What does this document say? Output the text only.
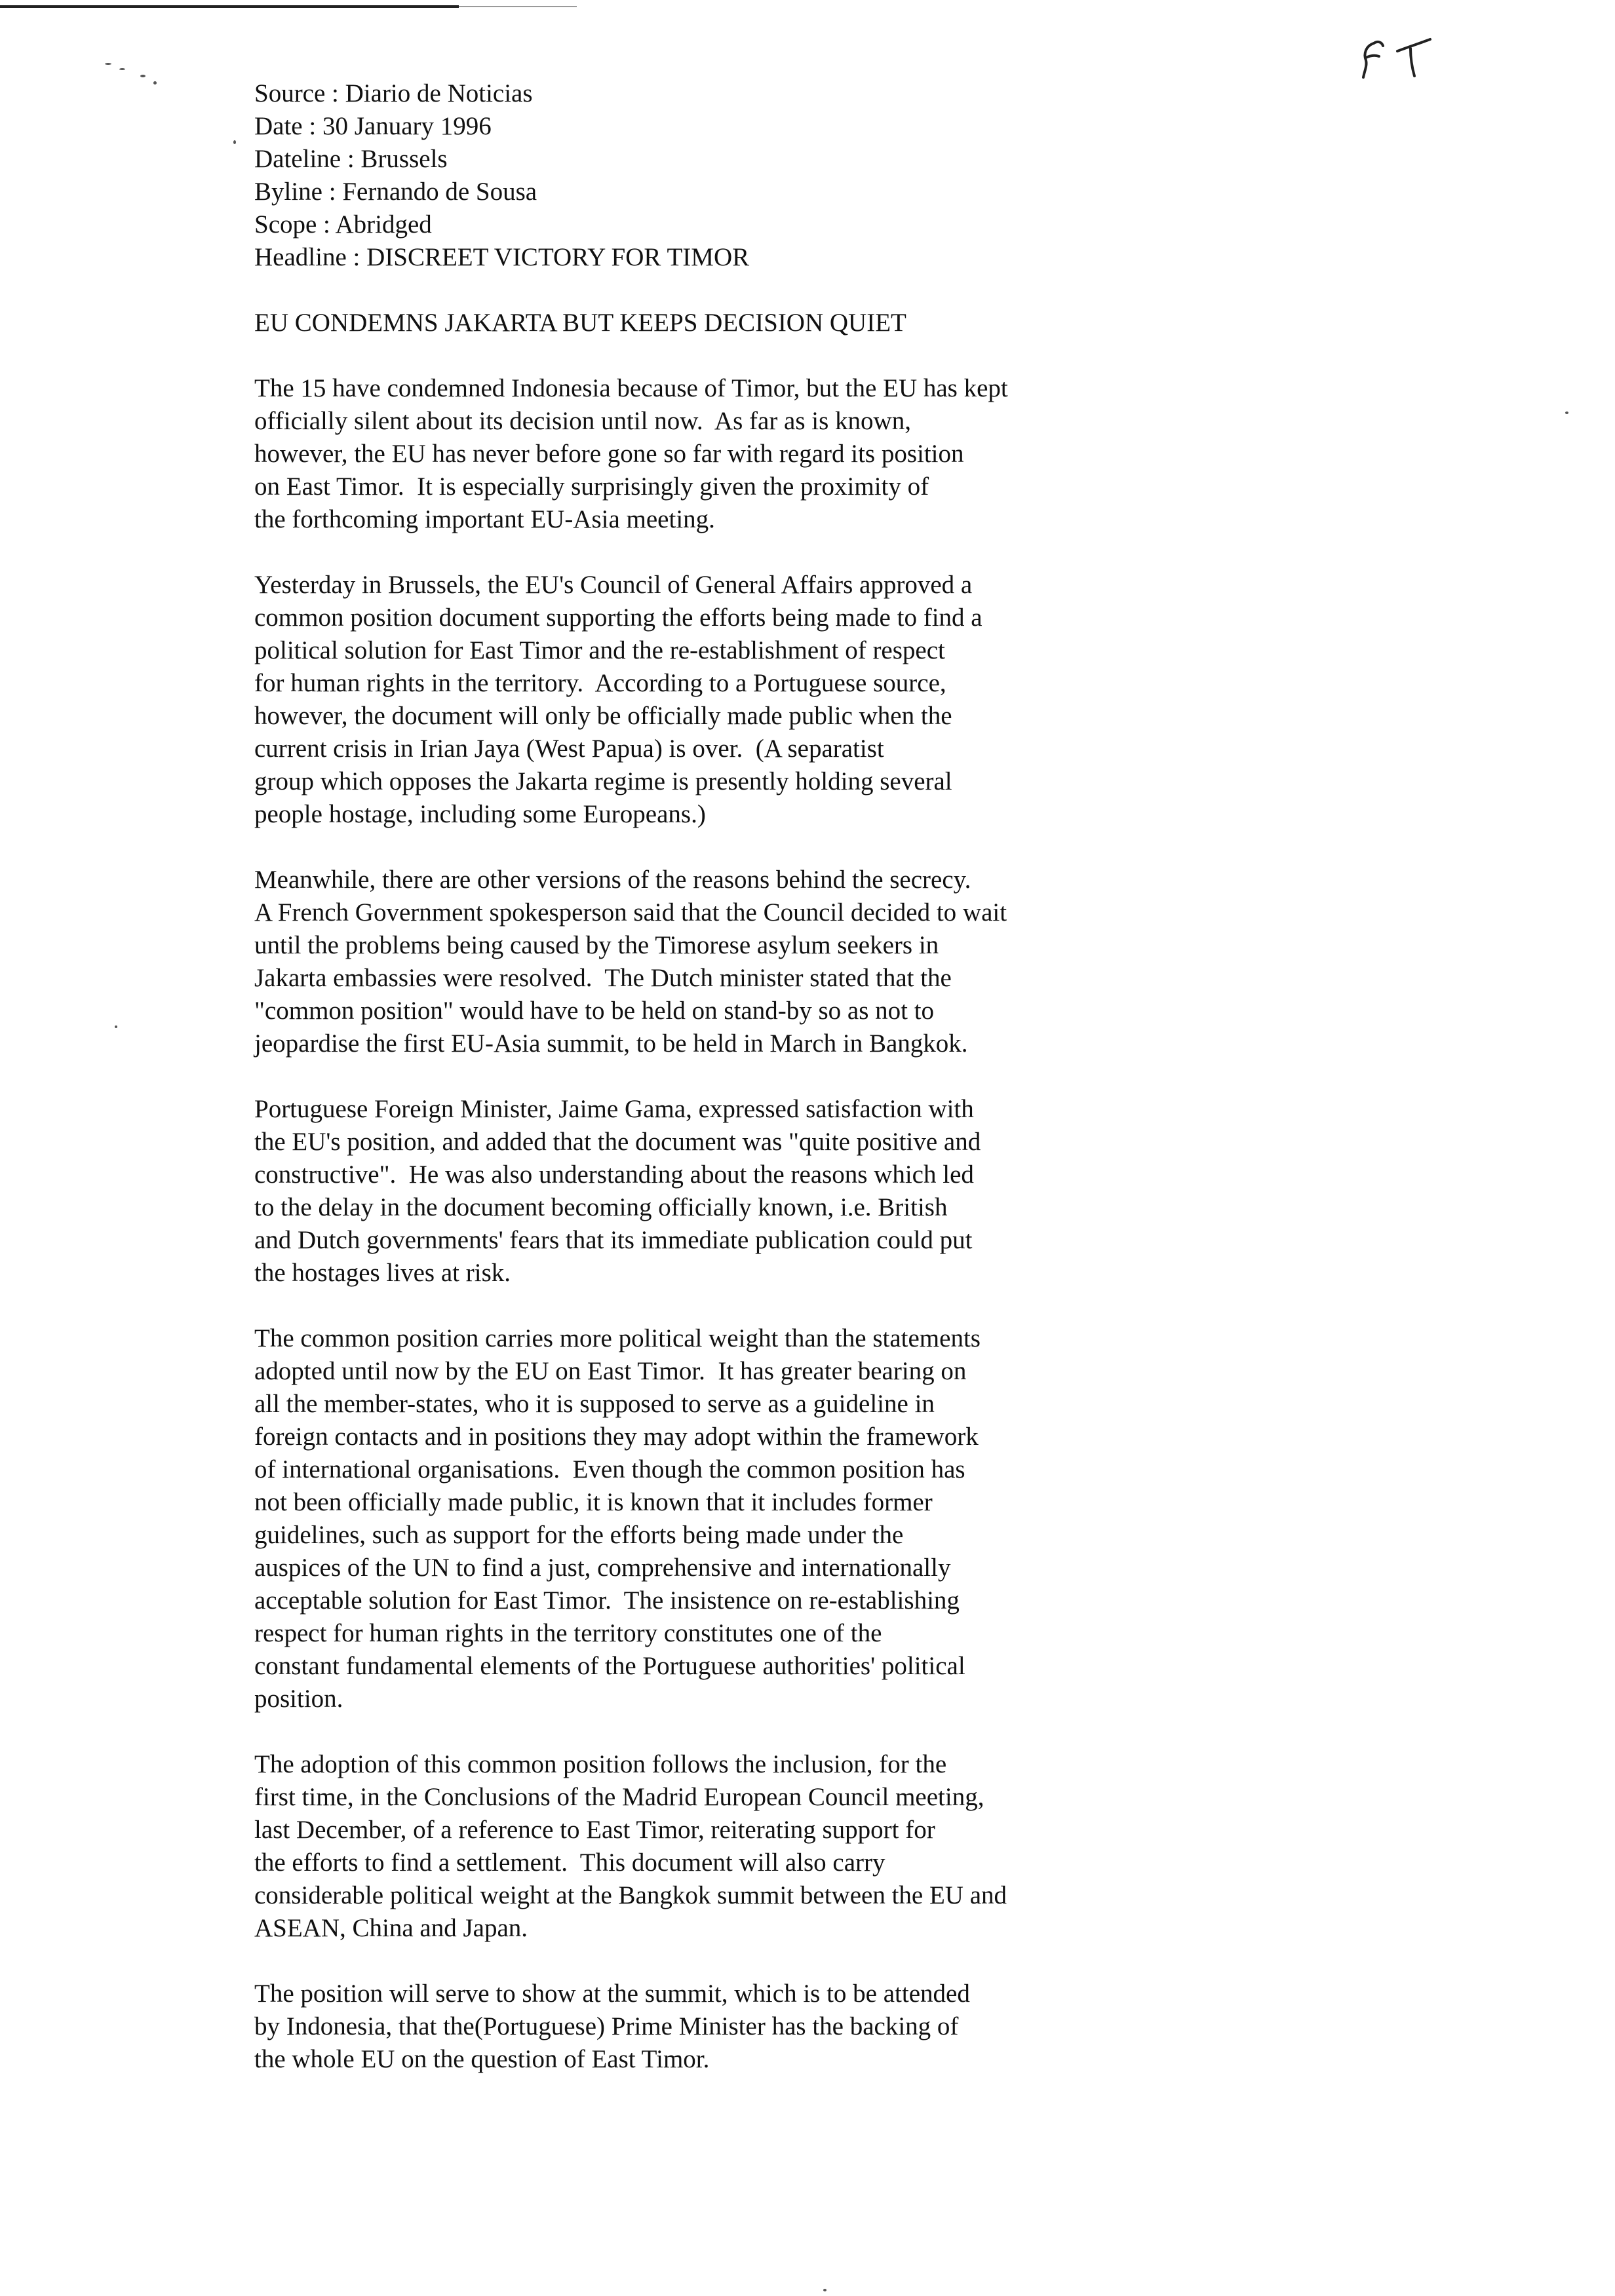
Source : Diario de Noticias
Date : 30 January 1996
Dateline : Brussels
Byline : Fernando de Sousa
Scope : Abridged
Headline : DISCREET VICTORY FOR TIMOR
EU CONDEMNS JAKARTA BUT KEEPS DECISION QUIET
The 15 have condemned Indonesia because of Timor, but the EU has kept
officially silent about its decision until now.  As far as is known,
however, the EU has never before gone so far with regard its position
on East Timor.  It is especially surprisingly given the proximity of
the forthcoming important EU-Asia meeting.
Yesterday in Brussels, the EU's Council of General Affairs approved a
common position document supporting the efforts being made to find a
political solution for East Timor and the re-establishment of respect
for human rights in the territory.  According to a Portuguese source,
however, the document will only be officially made public when the
current crisis in Irian Jaya (West Papua) is over.  (A separatist
group which opposes the Jakarta regime is presently holding several
people hostage, including some Europeans.)
Meanwhile, there are other versions of the reasons behind the secrecy.
A French Government spokesperson said that the Council decided to wait
until the problems being caused by the Timorese asylum seekers in
Jakarta embassies were resolved.  The Dutch minister stated that the
"common position" would have to be held on stand-by so as not to
jeopardise the first EU-Asia summit, to be held in March in Bangkok.
Portuguese Foreign Minister, Jaime Gama, expressed satisfaction with
the EU's position, and added that the document was "quite positive and
constructive".  He was also understanding about the reasons which led
to the delay in the document becoming officially known, i.e. British
and Dutch governments' fears that its immediate publication could put
the hostages lives at risk.
The common position carries more political weight than the statements
adopted until now by the EU on East Timor.  It has greater bearing on
all the member-states, who it is supposed to serve as a guideline in
foreign contacts and in positions they may adopt within the framework
of international organisations.  Even though the common position has
not been officially made public, it is known that it includes former
guidelines, such as support for the efforts being made under the
auspices of the UN to find a just, comprehensive and internationally
acceptable solution for East Timor.  The insistence on re-establishing
respect for human rights in the territory constitutes one of the
constant fundamental elements of the Portuguese authorities' political
position.
The adoption of this common position follows the inclusion, for the
first time, in the Conclusions of the Madrid European Council meeting,
last December, of a reference to East Timor, reiterating support for
the efforts to find a settlement.  This document will also carry
considerable political weight at the Bangkok summit between the EU and
ASEAN, China and Japan.
The position will serve to show at the summit, which is to be attended
by Indonesia, that the(Portuguese) Prime Minister has the backing of
the whole EU on the question of East Timor.
